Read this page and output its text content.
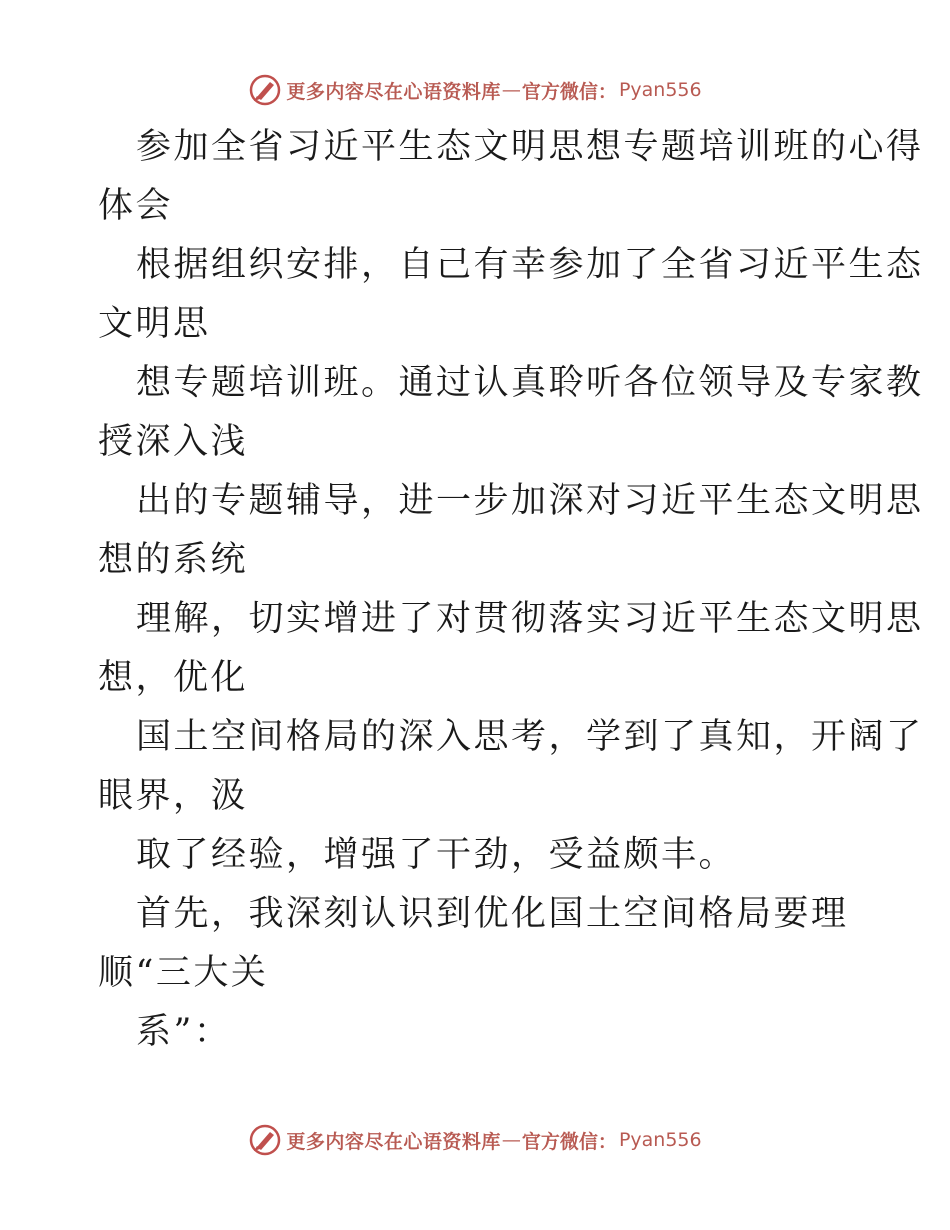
更多内容尽在心语资料库 — 官方微信： Pyan556
参加全省习近平生态文明思想专题培训班的心得
体会
根据组织安排，自己有幸参加了全省习近平生态
文明思
想专题培训班。通过认真聆听各位领导及专家教
授深入浅
出的专题辅导，进一步加深对习近平生态文明思
想的系统
理解，切实增进了对贯彻落实习近平生态文明思
想，优化
国土空间格局的深入思考，学到了真知，开阔了
眼界，汲
取了经验，增强了干劲，受益颇丰。
首先，我深刻认识到优化国土空间格局要理
顺“三大关
系”：
更多内容尽在心语资料库 — 官方微信： Pyan556
